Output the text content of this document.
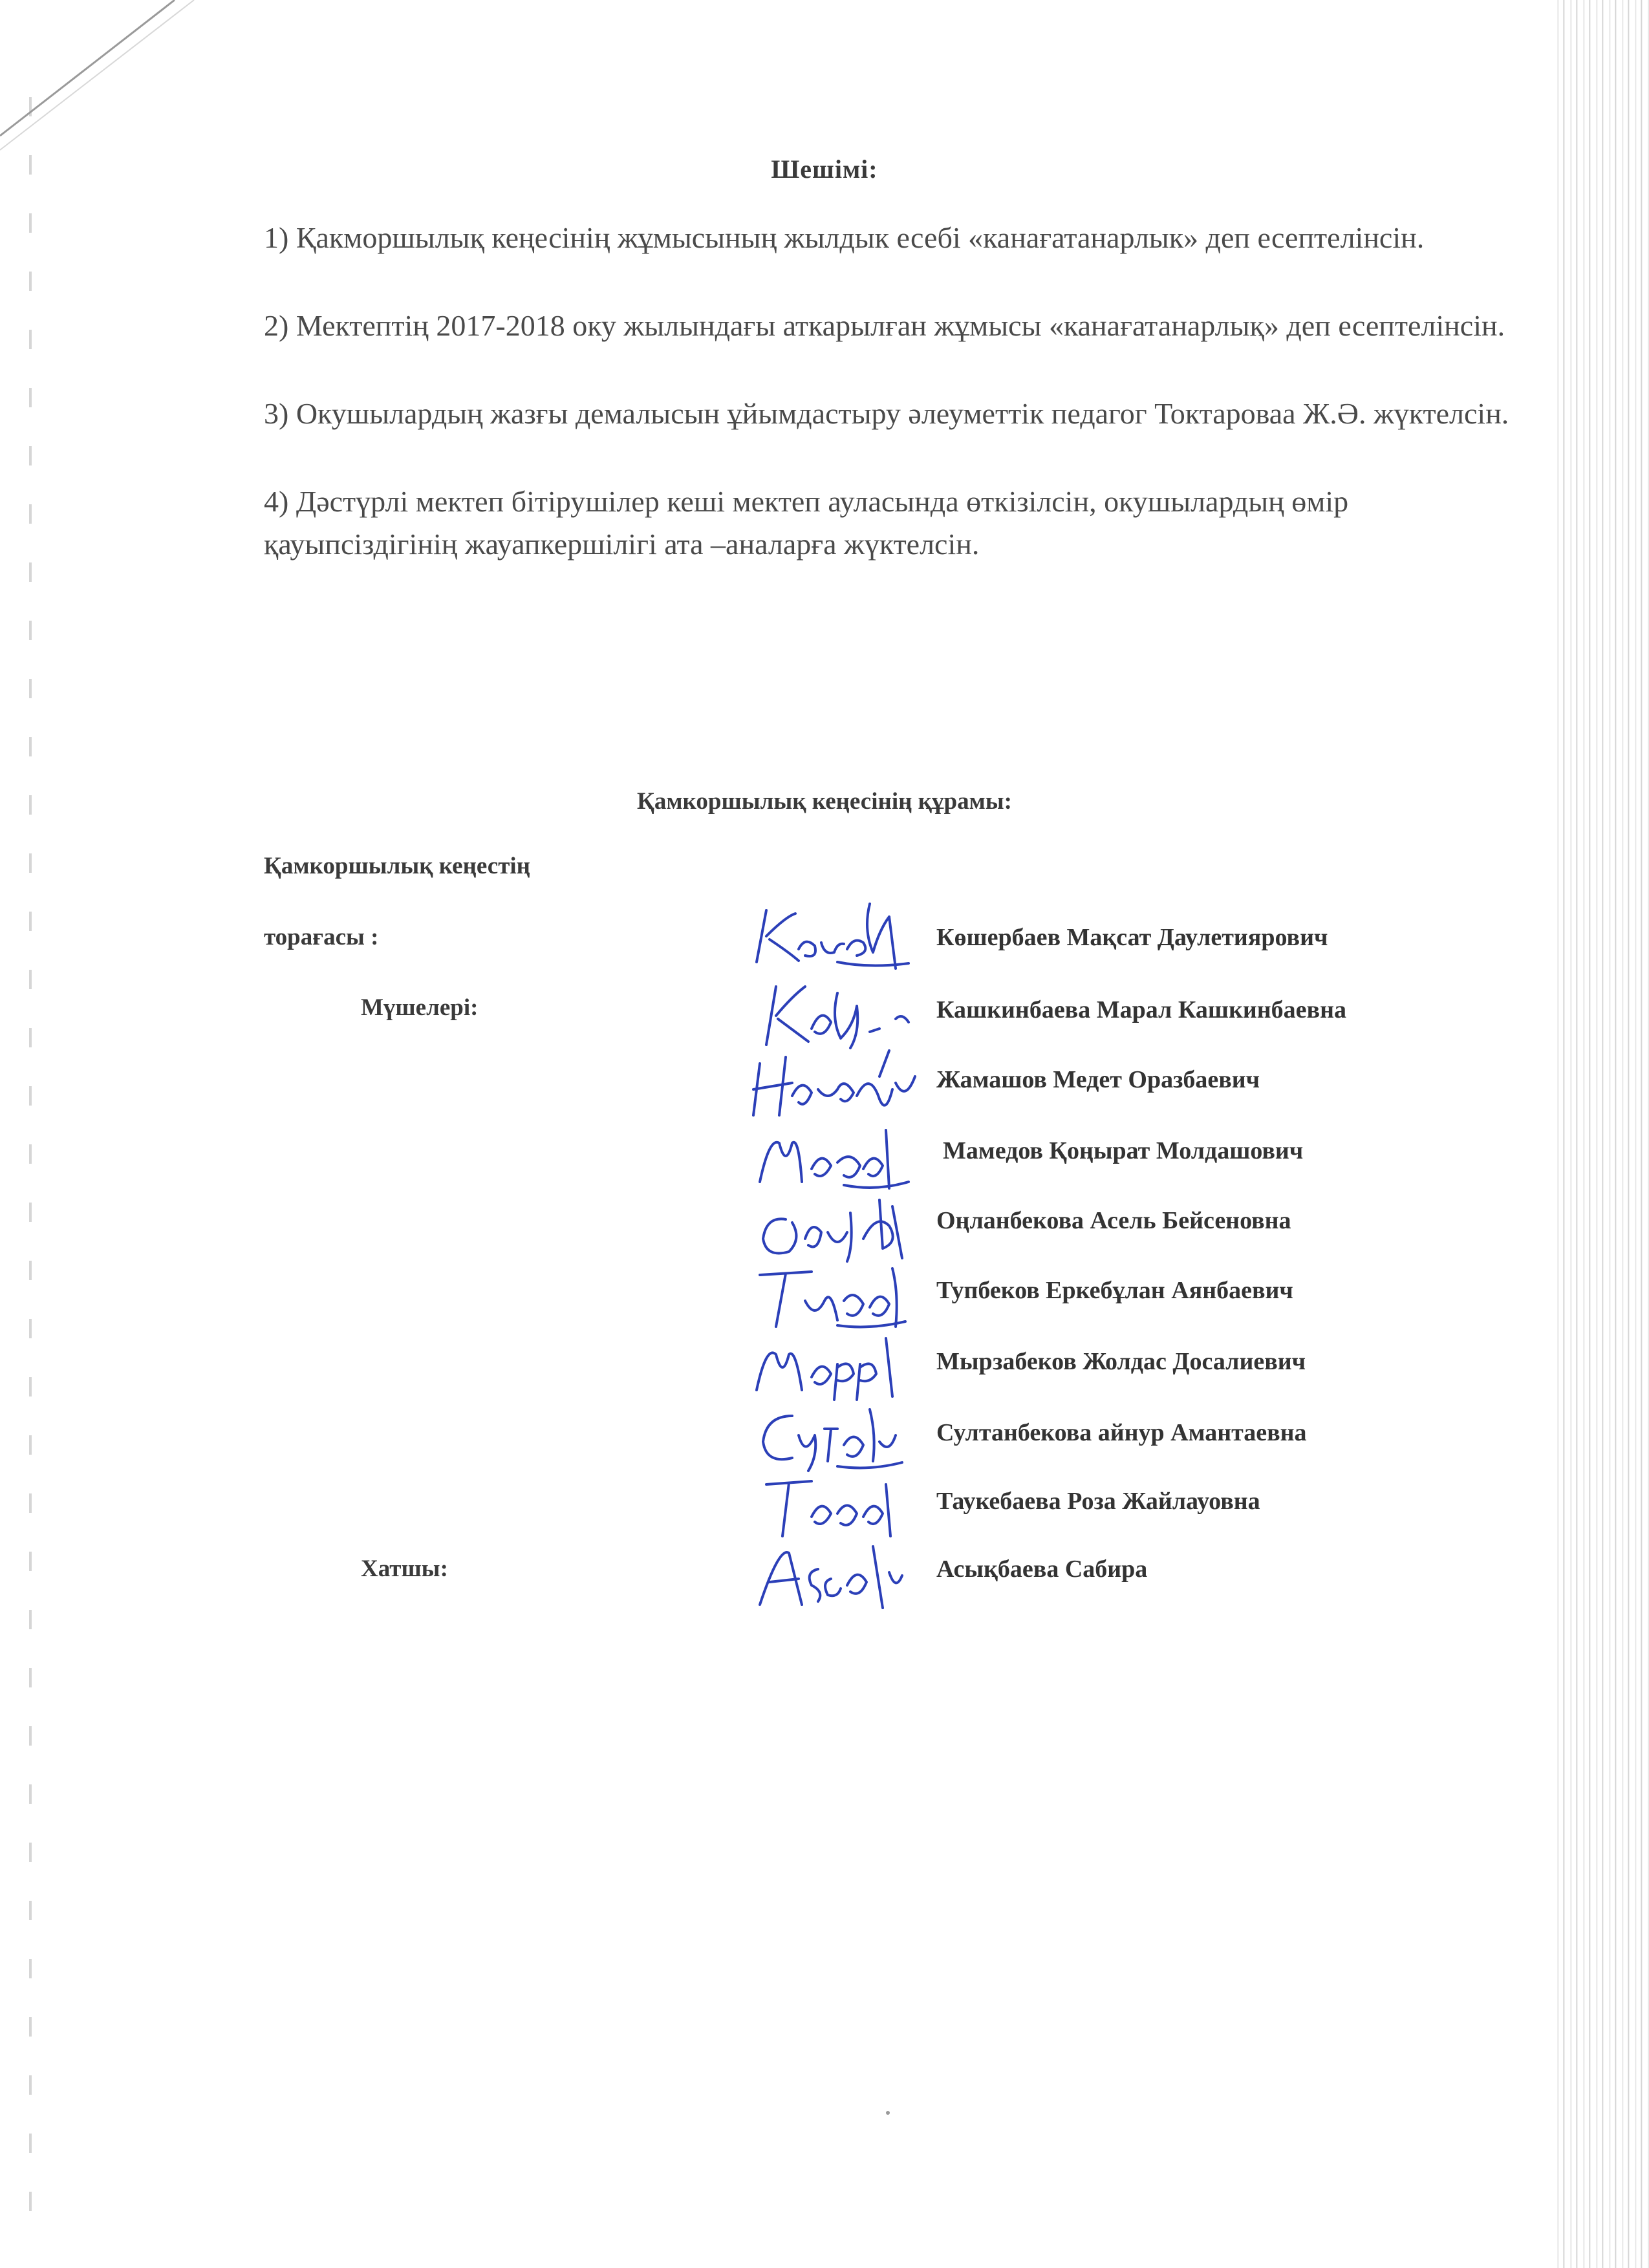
Шешімі:
1) Қакморшылық кеңесінің жұмысының жылдык есебі «канағатанарлык» деп есептелінсін.
2) Мектептің 2017-2018 оку жылындағы аткарылған жұмысы «канағатанарлық» деп есептелінсін.
3) Окушылардың жазғы демалысын ұйымдастыру әлеуметтік педагог Токтароваа Ж.Ә. жүктелсін.
4) Дәстүрлі мектеп бітірушілер кеші мектеп ауласында өткізілсін, окушылардың өмір қауыпсіздігінің жауапкершілігі ата –аналарға жүктелсін.
Қамкоршылық кеңесінің құрамы:
Қамкоршылық кеңестің
торағасы :
Мүшелері:
Хатшы:
Көшербаев Мақсат Даулетиярович
Кашкинбаева Марал Кашкинбаевна
Жамашов Медет Оразбаевич
Мамедов Қоңырат Молдашович
Оңланбекова Асель Бейсеновна
Тупбеков Еркебұлан Аянбаевич
Мырзабеков Жолдас Досалиевич
Султанбекова айнур Амантаевна
Таукебаева Роза Жайлауовна
Асықбаева Сабира
